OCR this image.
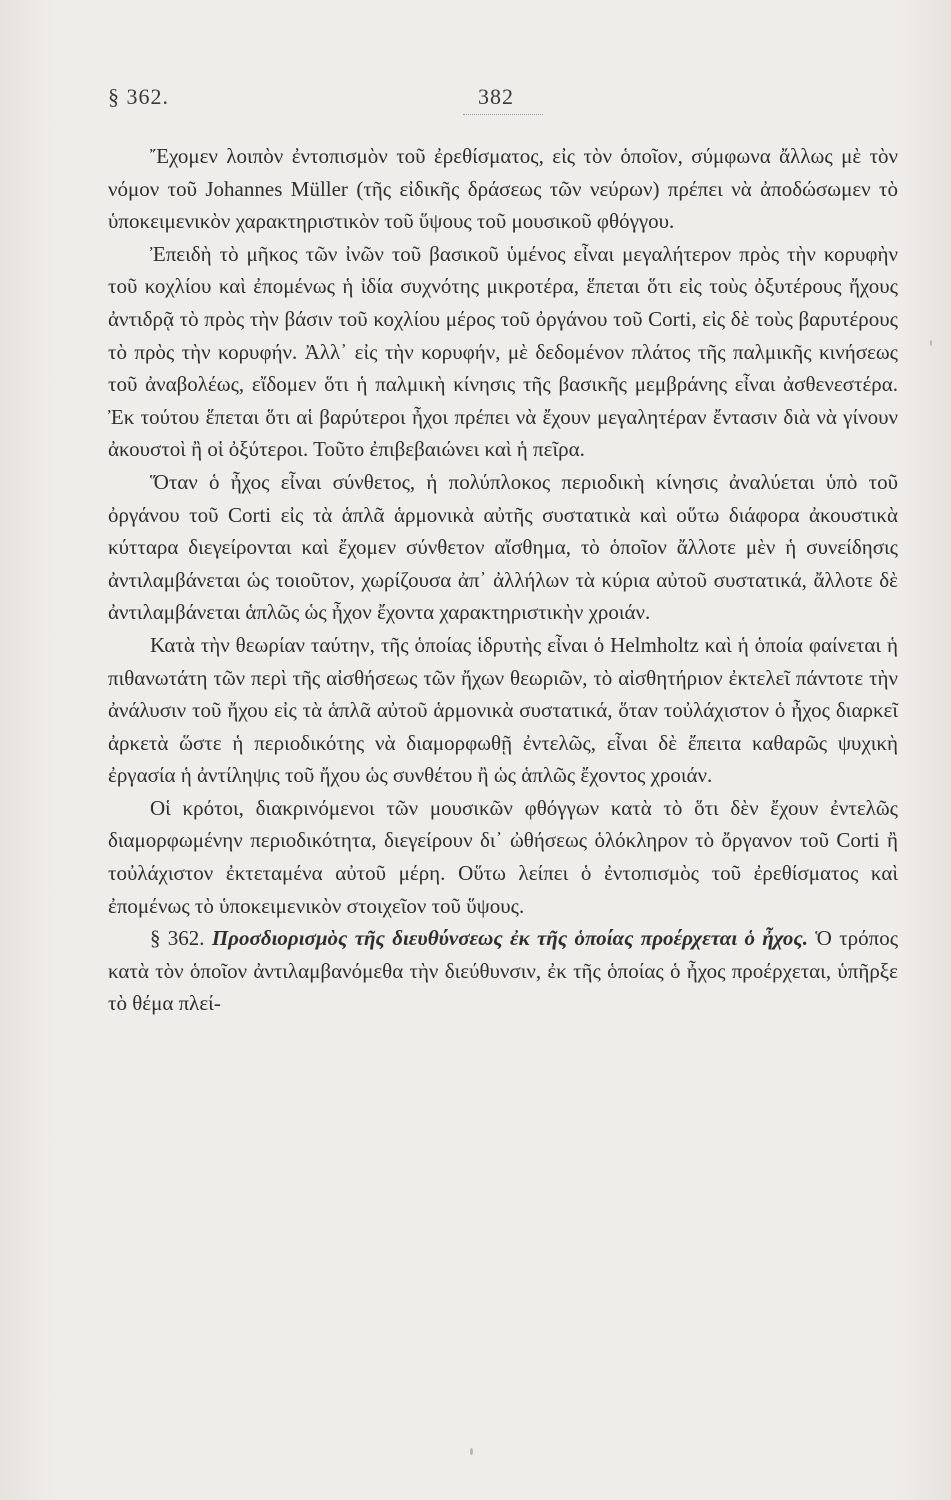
§ 362.	382

Ἔχομεν λοιπὸν ἐντοπισμὸν τοῦ ἐρεθίσματος, εἰς τὸν ὁποῖον, σύμφωνα ἄλλως μὲ τὸν νόμον τοῦ Johannes Müller (τῆς εἰδικῆς δράσεως τῶν νεύρων) πρέπει νὰ ἀποδώσωμεν τὸ ὑποκειμενικὸν χαρακτηριστικὸν τοῦ ὕψους τοῦ μουσικοῦ φθόγγου.

Ἐπειδὴ τὸ μῆκος τῶν ἰνῶν τοῦ βασικοῦ ὑμένος εἶναι μεγαλήτερον πρὸς τὴν κορυφὴν τοῦ κοχλίου καὶ ἐπομένως ἡ ἰδία συχνότης μικροτέρα, ἕπεται ὅτι εἰς τοὺς ὀξυτέρους ἤχους ἀντιδρᾷ τὸ πρὸς τὴν βάσιν τοῦ κοχλίου μέρος τοῦ ὀργάνου τοῦ Corti, εἰς δὲ τοὺς βαρυτέρους τὸ πρὸς τὴν κορυφήν. Ἀλλ᾽ εἰς τὴν κορυφήν, μὲ δεδομένον πλάτος τῆς παλμικῆς κινήσεως τοῦ ἀναβολέως, εἴδομεν ὅτι ἡ παλμικὴ κίνησις τῆς βασικῆς μεμβράνης εἶναι ἀσθενεστέρα. Ἐκ τούτου ἕπεται ὅτι αἱ βαρύτεροι ἦχοι πρέπει νὰ ἔχουν μεγαλητέραν ἔντασιν διὰ νὰ γίνουν ἀκουστοὶ ἢ οἱ ὀξύτεροι. Τοῦτο ἐπιβεβαιώνει καὶ ἡ πεῖρα.

Ὅταν ὁ ἦχος εἶναι σύνθετος, ἡ πολύπλοκος περιοδικὴ κίνησις ἀναλύεται ὑπὸ τοῦ ὀργάνου τοῦ Corti εἰς τὰ ἁπλᾶ ἁρμονικὰ αὐτῆς συστατικὰ καὶ οὕτω διάφορα ἀκουστικὰ κύτταρα διεγείρονται καὶ ἔχομεν σύνθετον αἴσθημα, τὸ ὁποῖον ἄλλοτε μὲν ἡ συνείδησις ἀντιλαμβάνεται ὡς τοιοῦτον, χωρίζουσα ἀπ᾽ ἀλλήλων τὰ κύρια αὐτοῦ συστατικά, ἄλλοτε δὲ ἀντιλαμβάνεται ἁπλῶς ὡς ἦχον ἔχοντα χαρακτηριστικὴν χροιάν.

Κατὰ τὴν θεωρίαν ταύτην, τῆς ὁποίας ἱδρυτὴς εἶναι ὁ Helmholtz καὶ ἡ ὁποία φαίνεται ἡ πιθανωτάτη τῶν περὶ τῆς αἰσθήσεως τῶν ἤχων θεωριῶν, τὸ αἰσθητήριον ἐκτελεῖ πάντοτε τὴν ἀνάλυσιν τοῦ ἤχου εἰς τὰ ἁπλᾶ αὐτοῦ ἁρμονικὰ συστατικά, ὅταν τοὐλάχιστον ὁ ἦχος διαρκεῖ ἀρκετὰ ὥστε ἡ περιοδικότης νὰ διαμορφωθῇ ἐντελῶς, εἶναι δὲ ἔπειτα καθαρῶς ψυχικὴ ἐργασία ἡ ἀντίληψις τοῦ ἤχου ὡς συνθέτου ἢ ὡς ἁπλῶς ἔχοντος χροιάν.

Οἱ κρότοι, διακρινόμενοι τῶν μουσικῶν φθόγγων κατὰ τὸ ὅτι δὲν ἔχουν ἐντελῶς διαμορφωμένην περιοδικότητα, διεγείρουν δι᾽ ὠθήσεως ὁλόκληρον τὸ ὄργανον τοῦ Corti ἢ τοὐλάχιστον ἐκτεταμένα αὐτοῦ μέρη. Οὕτω λείπει ὁ ἐντοπισμὸς τοῦ ἐρεθίσματος καὶ ἐπομένως τὸ ὑποκειμενικὸν στοιχεῖον τοῦ ὕψους.

§ 362. Προσδιορισμὸς τῆς διευθύνσεως ἐκ τῆς ὁποίας προέρχεται ὁ ἦχος. Ὁ τρόπος κατὰ τὸν ὁποῖον ἀντιλαμβανόμεθα τὴν διεύθυνσιν, ἐκ τῆς ὁποίας ὁ ἦχος προέρχεται, ὑπῆρξε τὸ θέμα πλεί-
